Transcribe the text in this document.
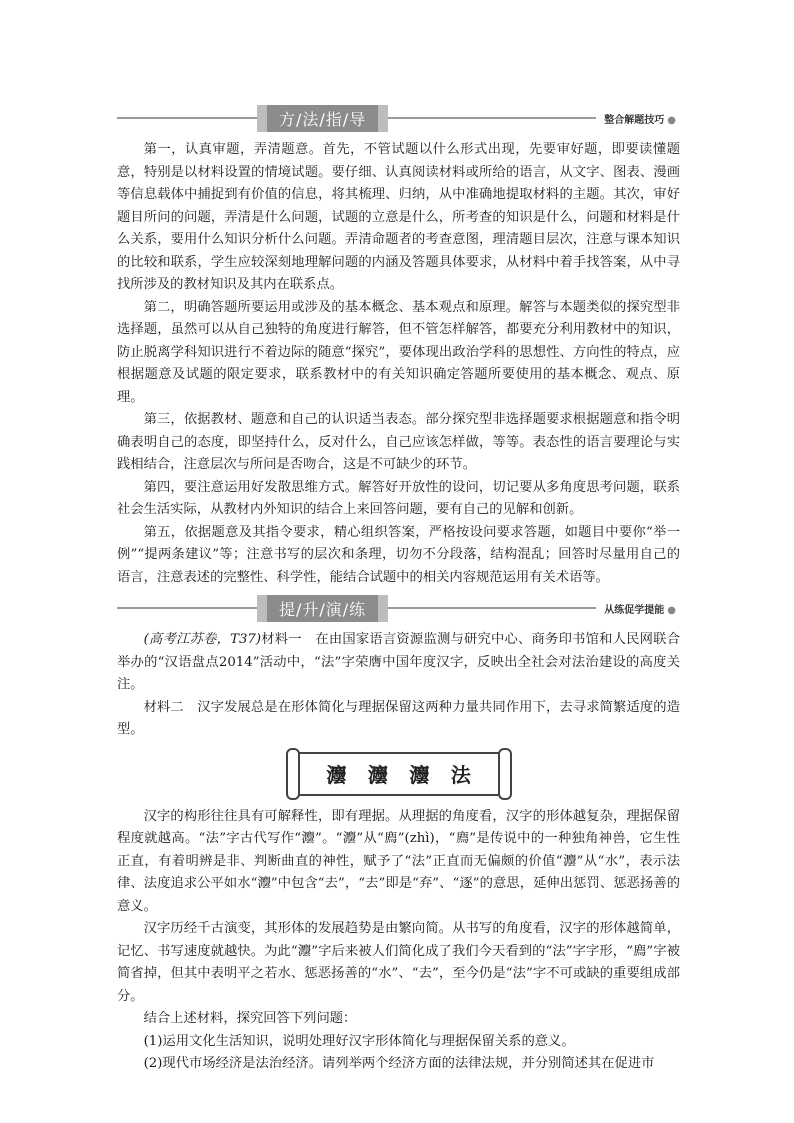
方/法/指/导	整合解题技巧 ●

第一，认真审题，弄清题意。首先，不管试题以什么形式出现，先要审好题，即要读懂题意，特别是以材料设置的情境试题。要仔细、认真阅读材料或所给的语言，从文字、图表、漫画等信息载体中捕捉到有价值的信息，将其梳理、归纳，从中准确地提取材料的主题。其次，审好题目所问的问题，弄清是什么问题，试题的立意是什么，所考查的知识是什么，问题和材料是什么关系，要用什么知识分析什么问题。弄清命题者的考查意图，理清题目层次，注意与课本知识的比较和联系，学生应较深刻地理解问题的内涵及答题具体要求，从材料中着手找答案，从中寻找所涉及的教材知识及其内在联系点。

第二，明确答题所要运用或涉及的基本概念、基本观点和原理。解答与本题类似的探究型非选择题，虽然可以从自己独特的角度进行解答，但不管怎样解答，都要充分利用教材中的知识，防止脱离学科知识进行不着边际的随意“探究”，要体现出政治学科的思想性、方向性的特点，应根据题意及试题的限定要求，联系教材中的有关知识确定答题所要使用的基本概念、观点、原理。

第三，依据教材、题意和自己的认识适当表态。部分探究型非选择题要求根据题意和指令明确表明自己的态度，即坚持什么，反对什么，自己应该怎样做，等等。表态性的语言要理论与实践相结合，注意层次与所问是否吻合，这是不可缺少的环节。

第四，要注意运用好发散思维方式。解答好开放性的设问，切记要从多角度思考问题，联系社会生活实际，从教材内外知识的结合上来回答问题，要有自己的见解和创新。

第五，依据题意及其指令要求，精心组织答案，严格按设问要求答题，如题目中要你“举一例”“提两条建议”等；注意书写的层次和条理，切勿不分段落，结构混乱；回答时尽量用自己的语言，注意表述的完整性、科学性，能结合试题中的相关内容规范运用有关术语等。

提/升/演/练	从练促学提能 ●

(高考江苏卷，T37)材料一　在由国家语言资源监测与研究中心、商务印书馆和人民网联合举办的“汉语盘点2014”活动中，“法”字荣膺中国年度汉字，反映出全社会对法治建设的高度关注。

材料二　汉字发展总是在形体简化与理据保留这两种力量共同作用下，去寻求简繁适度的造型。

灋 灋 灋 法

汉字的构形往往具有可解释性，即有理据。从理据的角度看，汉字的形体越复杂，理据保留程度就越高。“法”字古代写作“灋”。“灋”从“廌”(zhì)，“廌”是传说中的一种独角神兽，它生性正直，有着明辨是非、判断曲直的神性，赋予了“法”正直而无偏颇的价值“灋”从“水”，表示法律、法度追求公平如水“灋”中包含“去”，“去”即是“弃”、“逐”的意思，延伸出惩罚、惩恶扬善的意义。

汉字历经千古演变，其形体的发展趋势是由繁向简。从书写的角度看，汉字的形体越简单，记忆、书写速度就越快。为此“灋”字后来被人们简化成了我们今天看到的“法”字字形，“廌”字被简省掉，但其中表明平之若水、惩恶扬善的“水”、“去”，至今仍是“法”字不可或缺的重要组成部分。

结合上述材料，探究回答下列问题：

(1)运用文化生活知识，说明处理好汉字形体简化与理据保留关系的意义。

(2)现代市场经济是法治经济。请列举两个经济方面的法律法规，并分别简述其在促进市
